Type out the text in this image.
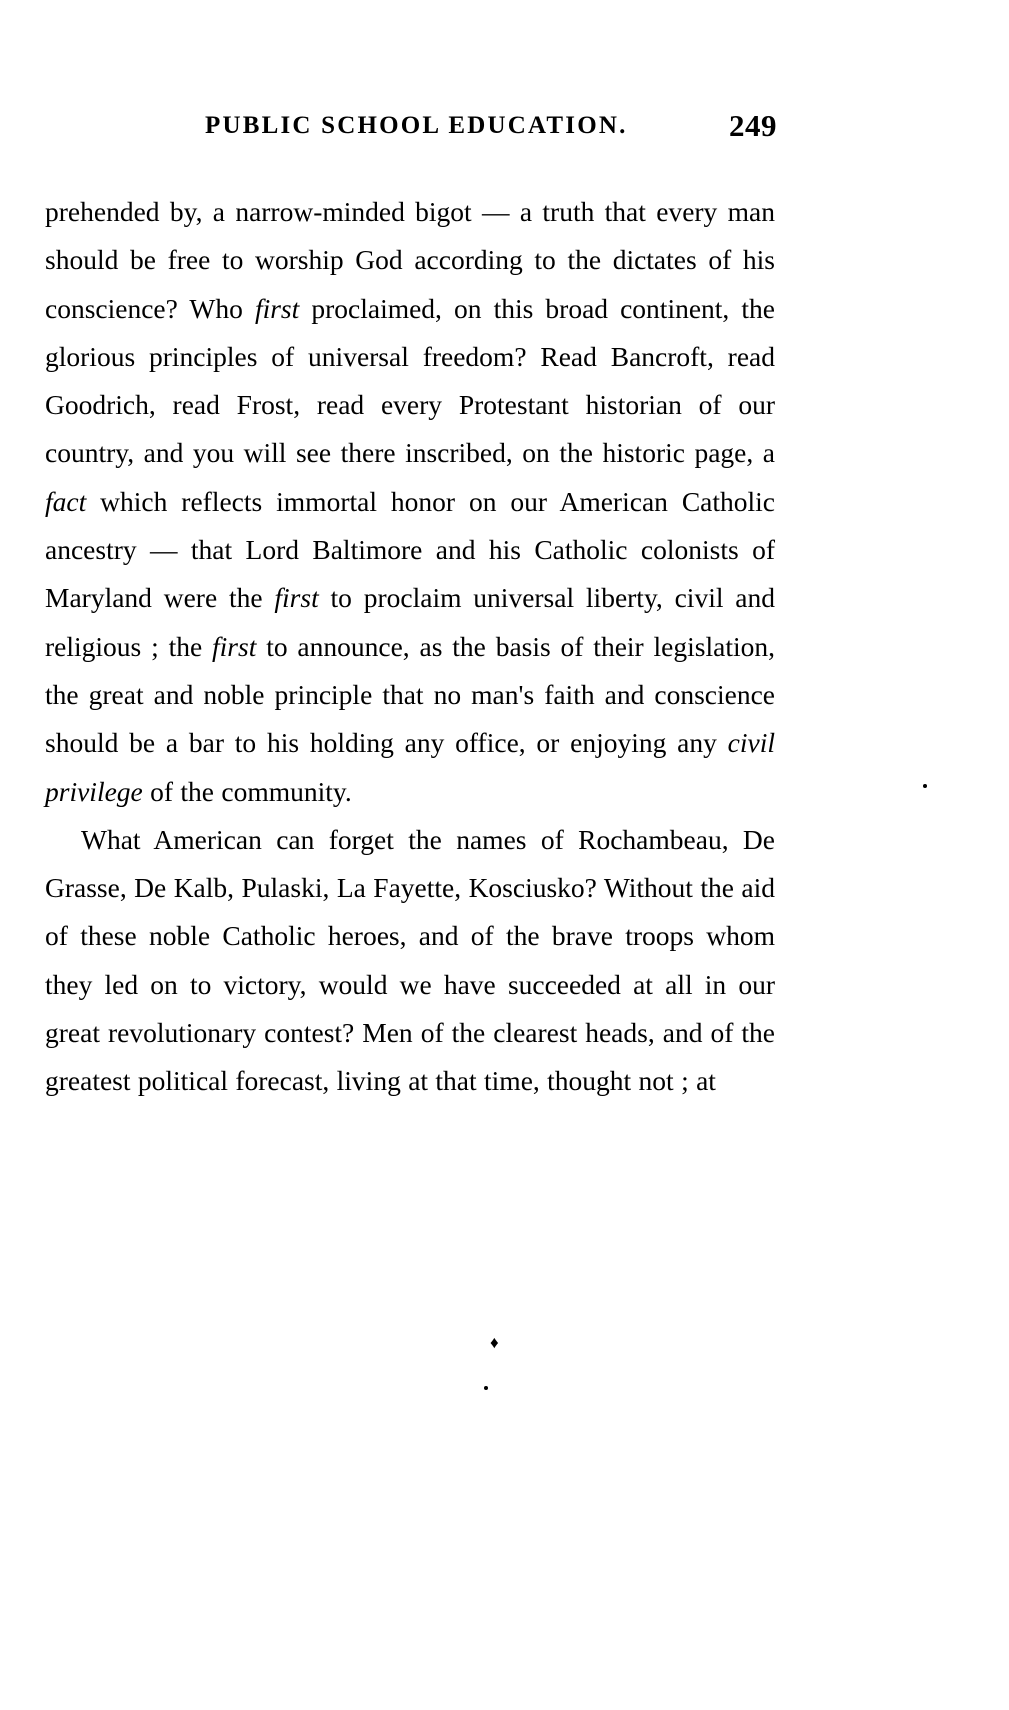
PUBLIC SCHOOL EDUCATION.	249

prehended by, a narrow-minded bigot — a truth that every man should be free to worship God according to the dictates of his conscience? Who first proclaimed, on this broad continent, the glorious principles of universal freedom? Read Bancroft, read Goodrich, read Frost, read every Protestant historian of our country, and you will see there inscribed, on the historic page, a fact which reflects immortal honor on our American Catholic ancestry — that Lord Baltimore and his Catholic colonists of Maryland were the first to proclaim universal liberty, civil and religious ; the first to announce, as the basis of their legislation, the great and noble principle that no man's faith and conscience should be a bar to his holding any office, or enjoying any civil privilege of the community.

What American can forget the names of Rochambeau, De Grasse, De Kalb, Pulaski, La Fayette, Kosciusko? Without the aid of these noble Catholic heroes, and of the brave troops whom they led on to victory, would we have succeeded at all in our great revolutionary contest? Men of the clearest heads, and of the greatest political forecast, living at that time, thought not ; at

♦
